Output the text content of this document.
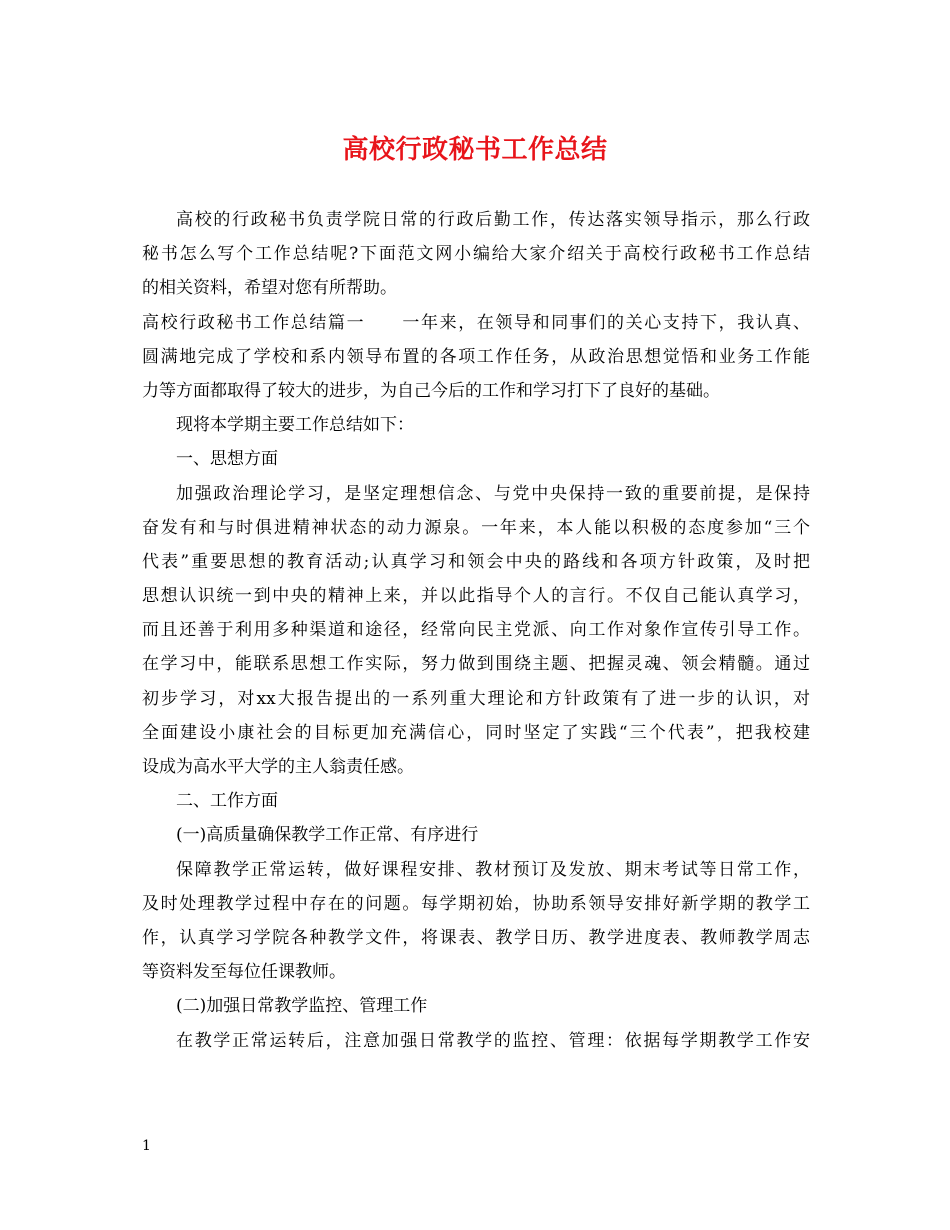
高校行政秘书工作总结
高校的行政秘书负责学院日常的行政后勤工作，传达落实领导指示，那么行政
秘书怎么写个工作总结呢?下面范文网小编给大家介绍关于高校行政秘书工作总结
的相关资料，希望对您有所帮助。
高校行政秘书工作总结篇一　　一年来，在领导和同事们的关心支持下，我认真、
圆满地完成了学校和系内领导布置的各项工作任务，从政治思想觉悟和业务工作能
力等方面都取得了较大的进步，为自己今后的工作和学习打下了良好的基础。
现将本学期主要工作总结如下：
一、思想方面
加强政治理论学习，是坚定理想信念、与党中央保持一致的重要前提，是保持
奋发有和与时俱进精神状态的动力源泉。一年来，本人能以积极的态度参加“三个
代表”重要思想的教育活动;认真学习和领会中央的路线和各项方针政策，及时把
思想认识统一到中央的精神上来，并以此指导个人的言行。不仅自己能认真学习，
而且还善于利用多种渠道和途径，经常向民主党派、向工作对象作宣传引导工作。
在学习中，能联系思想工作实际，努力做到围绕主题、把握灵魂、领会精髓。通过
初步学习，对xx大报告提出的一系列重大理论和方针政策有了进一步的认识，对
全面建设小康社会的目标更加充满信心，同时坚定了实践“三个代表”，把我校建
设成为高水平大学的主人翁责任感。
二、工作方面
(一)高质量确保教学工作正常、有序进行
保障教学正常运转，做好课程安排、教材预订及发放、期末考试等日常工作，
及时处理教学过程中存在的问题。每学期初始，协助系领导安排好新学期的教学工
作，认真学习学院各种教学文件，将课表、教学日历、教学进度表、教师教学周志
等资料发至每位任课教师。
(二)加强日常教学监控、管理工作
在教学正常运转后，注意加强日常教学的监控、管理：依据每学期教学工作安
1
